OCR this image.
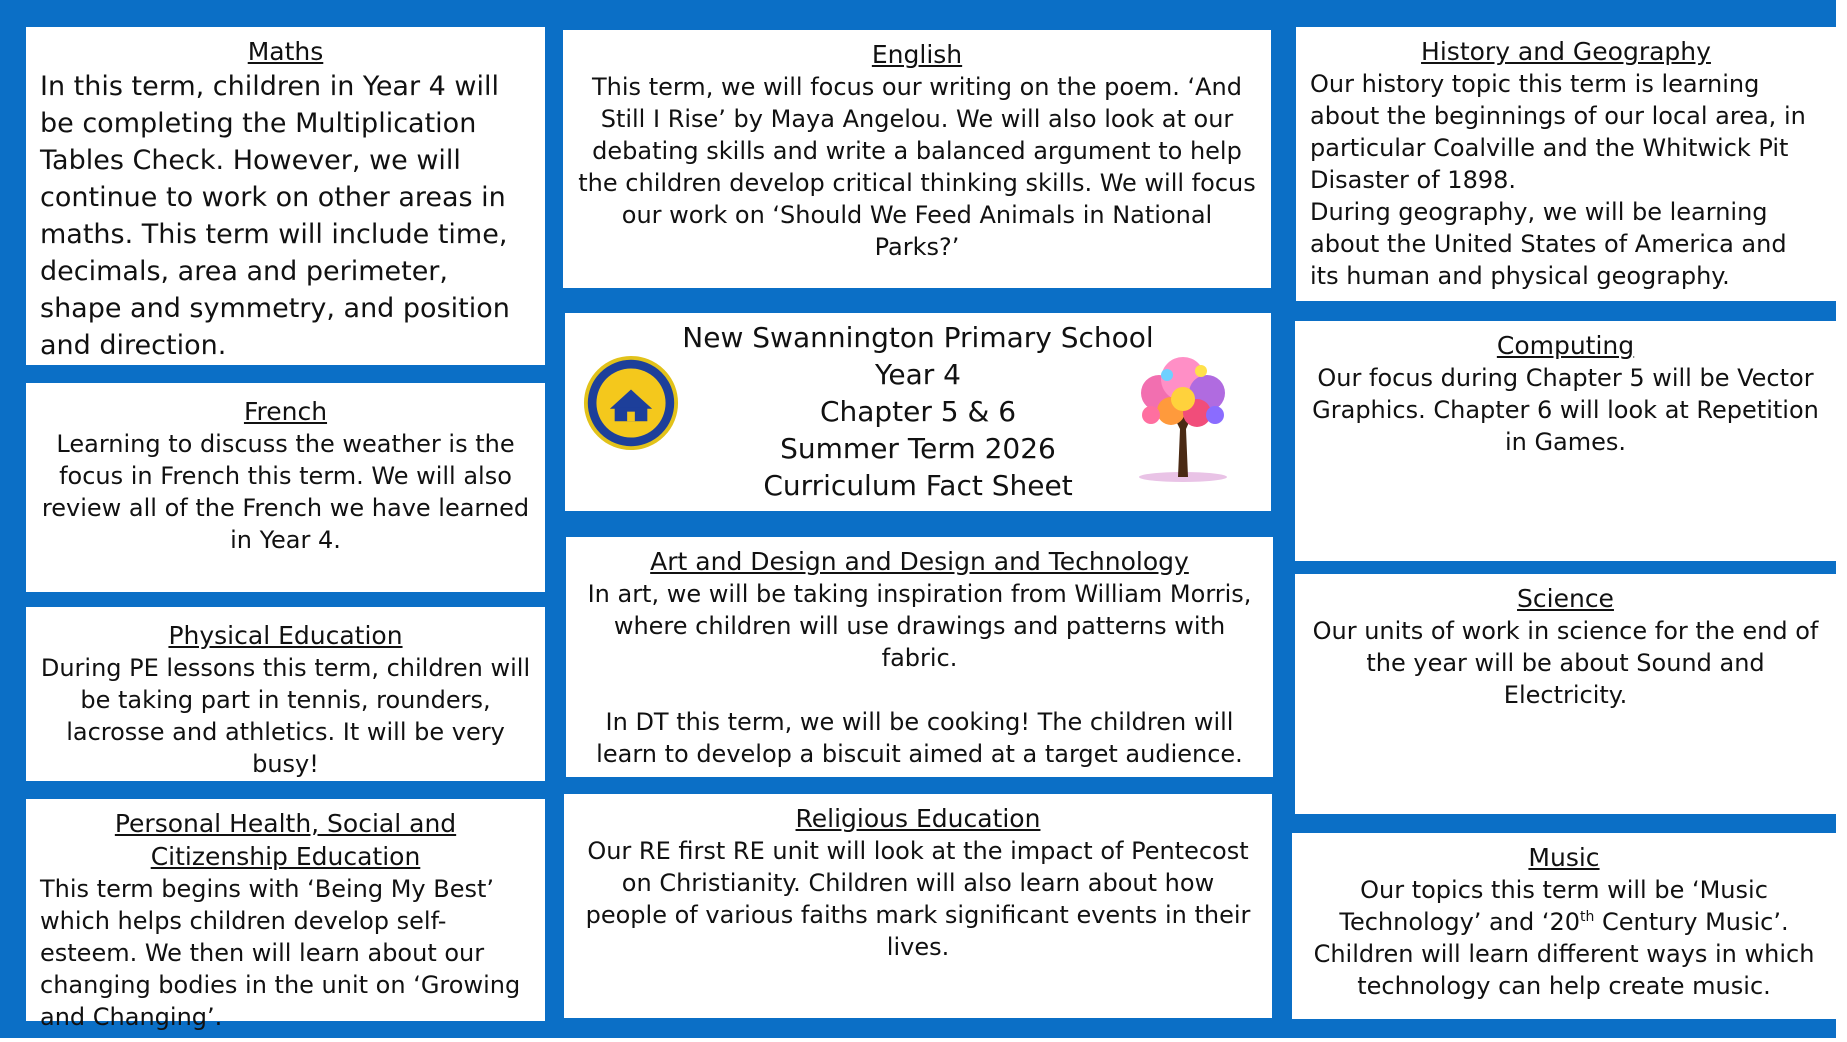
Maths

In this term, children in Year 4 will be completing the Multiplication Tables Check. However, we will continue to work on other areas in maths. This term will include time, decimals, area and perimeter, shape and symmetry, and position and direction.

French

Learning to discuss the weather is the focus in French this term. We will also review all of the French we have learned in Year 4.

Physical Education

During PE lessons this term, children will be taking part in tennis, rounders, lacrosse and athletics. It will be very busy!

Personal Health, Social and Citizenship Education

This term begins with ‘Being My Best’ which helps children develop self-esteem. We then will learn about our changing bodies in the unit on ‘Growing and Changing’.

English

This term, we will focus our writing on the poem. ‘And Still I Rise’ by Maya Angelou. We will also look at our debating skills and write a balanced argument to help the children develop critical thinking skills. We will focus our work on ‘Should We Feed Animals in National Parks?’

New Swannington Primary School
Year 4
Chapter 5 & 6
Summer Term 2026
Curriculum Fact Sheet

Art and Design and Design and Technology

In art, we will be taking inspiration from William Morris, where children will use drawings and patterns with fabric.

In DT this term, we will be cooking! The children will learn to develop a biscuit aimed at a target audience.

Religious Education

Our RE first RE unit will look at the impact of Pentecost on Christianity. Children will also learn about how people of various faiths mark significant events in their lives.

History and Geography

Our history topic this term is learning about the beginnings of our local area, in particular Coalville and the Whitwick Pit Disaster of 1898.

During geography, we will be learning about the United States of America and its human and physical geography.

Computing

Our focus during Chapter 5 will be Vector Graphics. Chapter 6 will look at Repetition in Games.

Science

Our units of work in science for the end of the year will be about Sound and Electricity.

Music

Our topics this term will be ‘Music Technology’ and ‘20th Century Music’. Children will learn different ways in which technology can help create music.
